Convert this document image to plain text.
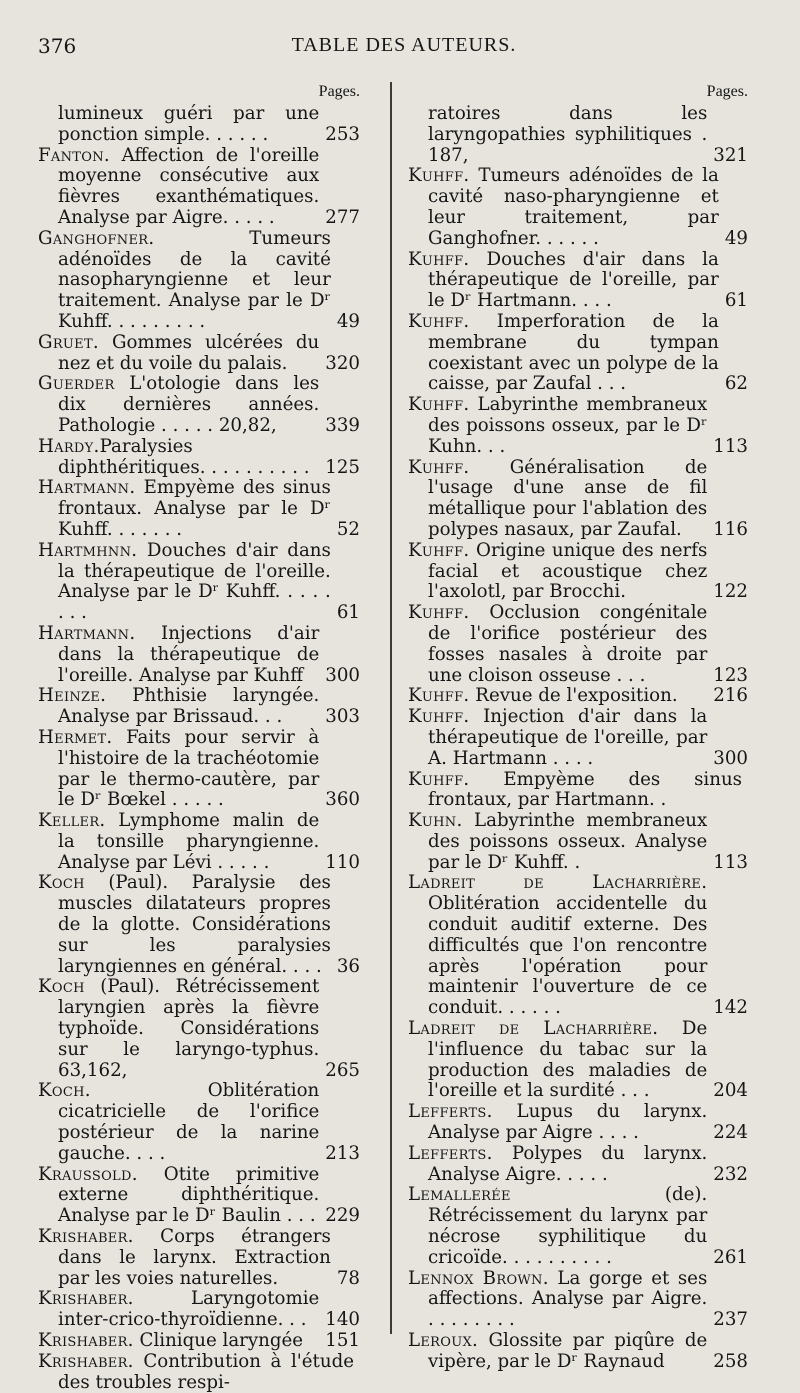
376	TABLE DES AUTEURS.
Pages.
lumineux guéri par une ponction simple. . . . . .	253
Fanton. Affection de l'oreille moyenne consécutive aux fièvres exanthématiques. Analyse par Aigre. . . . .	277
Ganghofner. Tumeurs adénoïdes de la cavité nasopharyngienne et leur traitement. Analyse par le Dʳ Kuhff. . . . . . . . .	49
Gruet. Gommes ulcérées du nez et du voile du palais.	320
Guerder L'otologie dans les dix dernières années. Pathologie . . . . . 20,82,	339
Hardy.Paralysies diphthéritiques. . . . . . . . . . 125
Hartmann. Empyème des sinus frontaux. Analyse par le Dʳ Kuhff. . . . . . .	52
Hartmhnn. Douches d'air dans la thérapeutique de l'oreille. Analyse par le Dʳ Kuhff. . . . . . . .	61
Hartmann. Injections d'air dans la thérapeutique de l'oreille. Analyse par Kuhff	300
Heinze. Phthisie laryngée. Analyse par Brissaud. . .	303
Hermet. Faits pour servir à l'histoire de la trachéotomie par le thermo-cautère, par le Dʳ Bœkel . . . . .	360
Keller. Lymphome malin de la tonsille pharyngienne. Analyse par Lévi . . . . .	110
Koch (Paul). Paralysie des muscles dilatateurs propres de la glotte. Considérations sur les paralysies laryngiennes en général. . . . 36
Koch (Paul). Rétrécissement laryngien après la fièvre typhoïde. Considérations sur le laryngo-typhus. 63,162,	265
Koch. Oblitération cicatricielle de l'orifice postérieur de la narine gauche. . . .	213
Kraussold. Otite primitive externe diphthéritique. Analyse par le Dʳ Baulin . . . 229
Krishaber. Corps étrangers dans le larynx. Extraction par les voies naturelles.	78
Krishaber. Laryngotomie inter-crico-thyroïdienne. . .	140
Krishaber. Clinique laryngée	151
Krishaber. Contribution à l'étude des troubles respi-
Pages.
ratoires dans les laryngopathies syphilitiques . 187,	321
Kuhff. Tumeurs adénoïdes de la cavité naso-pharyngienne et leur traitement, par Ganghofner. . . . . .	49
Kuhff. Douches d'air dans la thérapeutique de l'oreille, par le Dʳ Hartmann. . . .	61
Kuhff. Imperforation de la membrane du tympan coexistant avec un polype de la caisse, par Zaufal . . .	62
Kuhff. Labyrinthe membraneux des poissons osseux, par le Dʳ Kuhn. . .	113
Kuhff. Généralisation de l'usage d'une anse de fil métallique pour l'ablation des polypes nasaux, par Zaufal.	116
Kuhff. Origine unique des nerfs facial et acoustique chez l'axolotl, par Brocchi.	122
Kuhff. Occlusion congénitale de l'orifice postérieur des fosses nasales à droite par une cloison osseuse . . .	123
Kuhff. Revue de l'exposition.	216
Kuhff. Injection d'air dans la thérapeutique de l'oreille, par A. Hartmann . . . .	300
Kuhff. Empyème des sinus frontaux, par Hartmann. .
Kuhn. Labyrinthe membraneux des poissons osseux. Analyse par le Dʳ Kuhff. .	113
Ladreit de Lacharrière. Oblitération accidentelle du conduit auditif externe. Des difficultés que l'on rencontre après l'opération pour maintenir l'ouverture de ce conduit. . . . . .	142
Ladreit de Lacharrière. De l'influence du tabac sur la production des maladies de l'oreille et la surdité . . .	204
Lefferts. Lupus du larynx. Analyse par Aigre . . . .	224
Lefferts. Polypes du larynx. Analyse Aigre. . . . .	232
Lemallerée (de). Rétrécissement du larynx par nécrose syphilitique du cricoïde. . . . . . . . . .	261
Lennox Brown. La gorge et ses affections. Analyse par Aigre. . . . . . . . .	237
Leroux. Glossite par piqûre de vipère, par le Dʳ Raynaud	258
